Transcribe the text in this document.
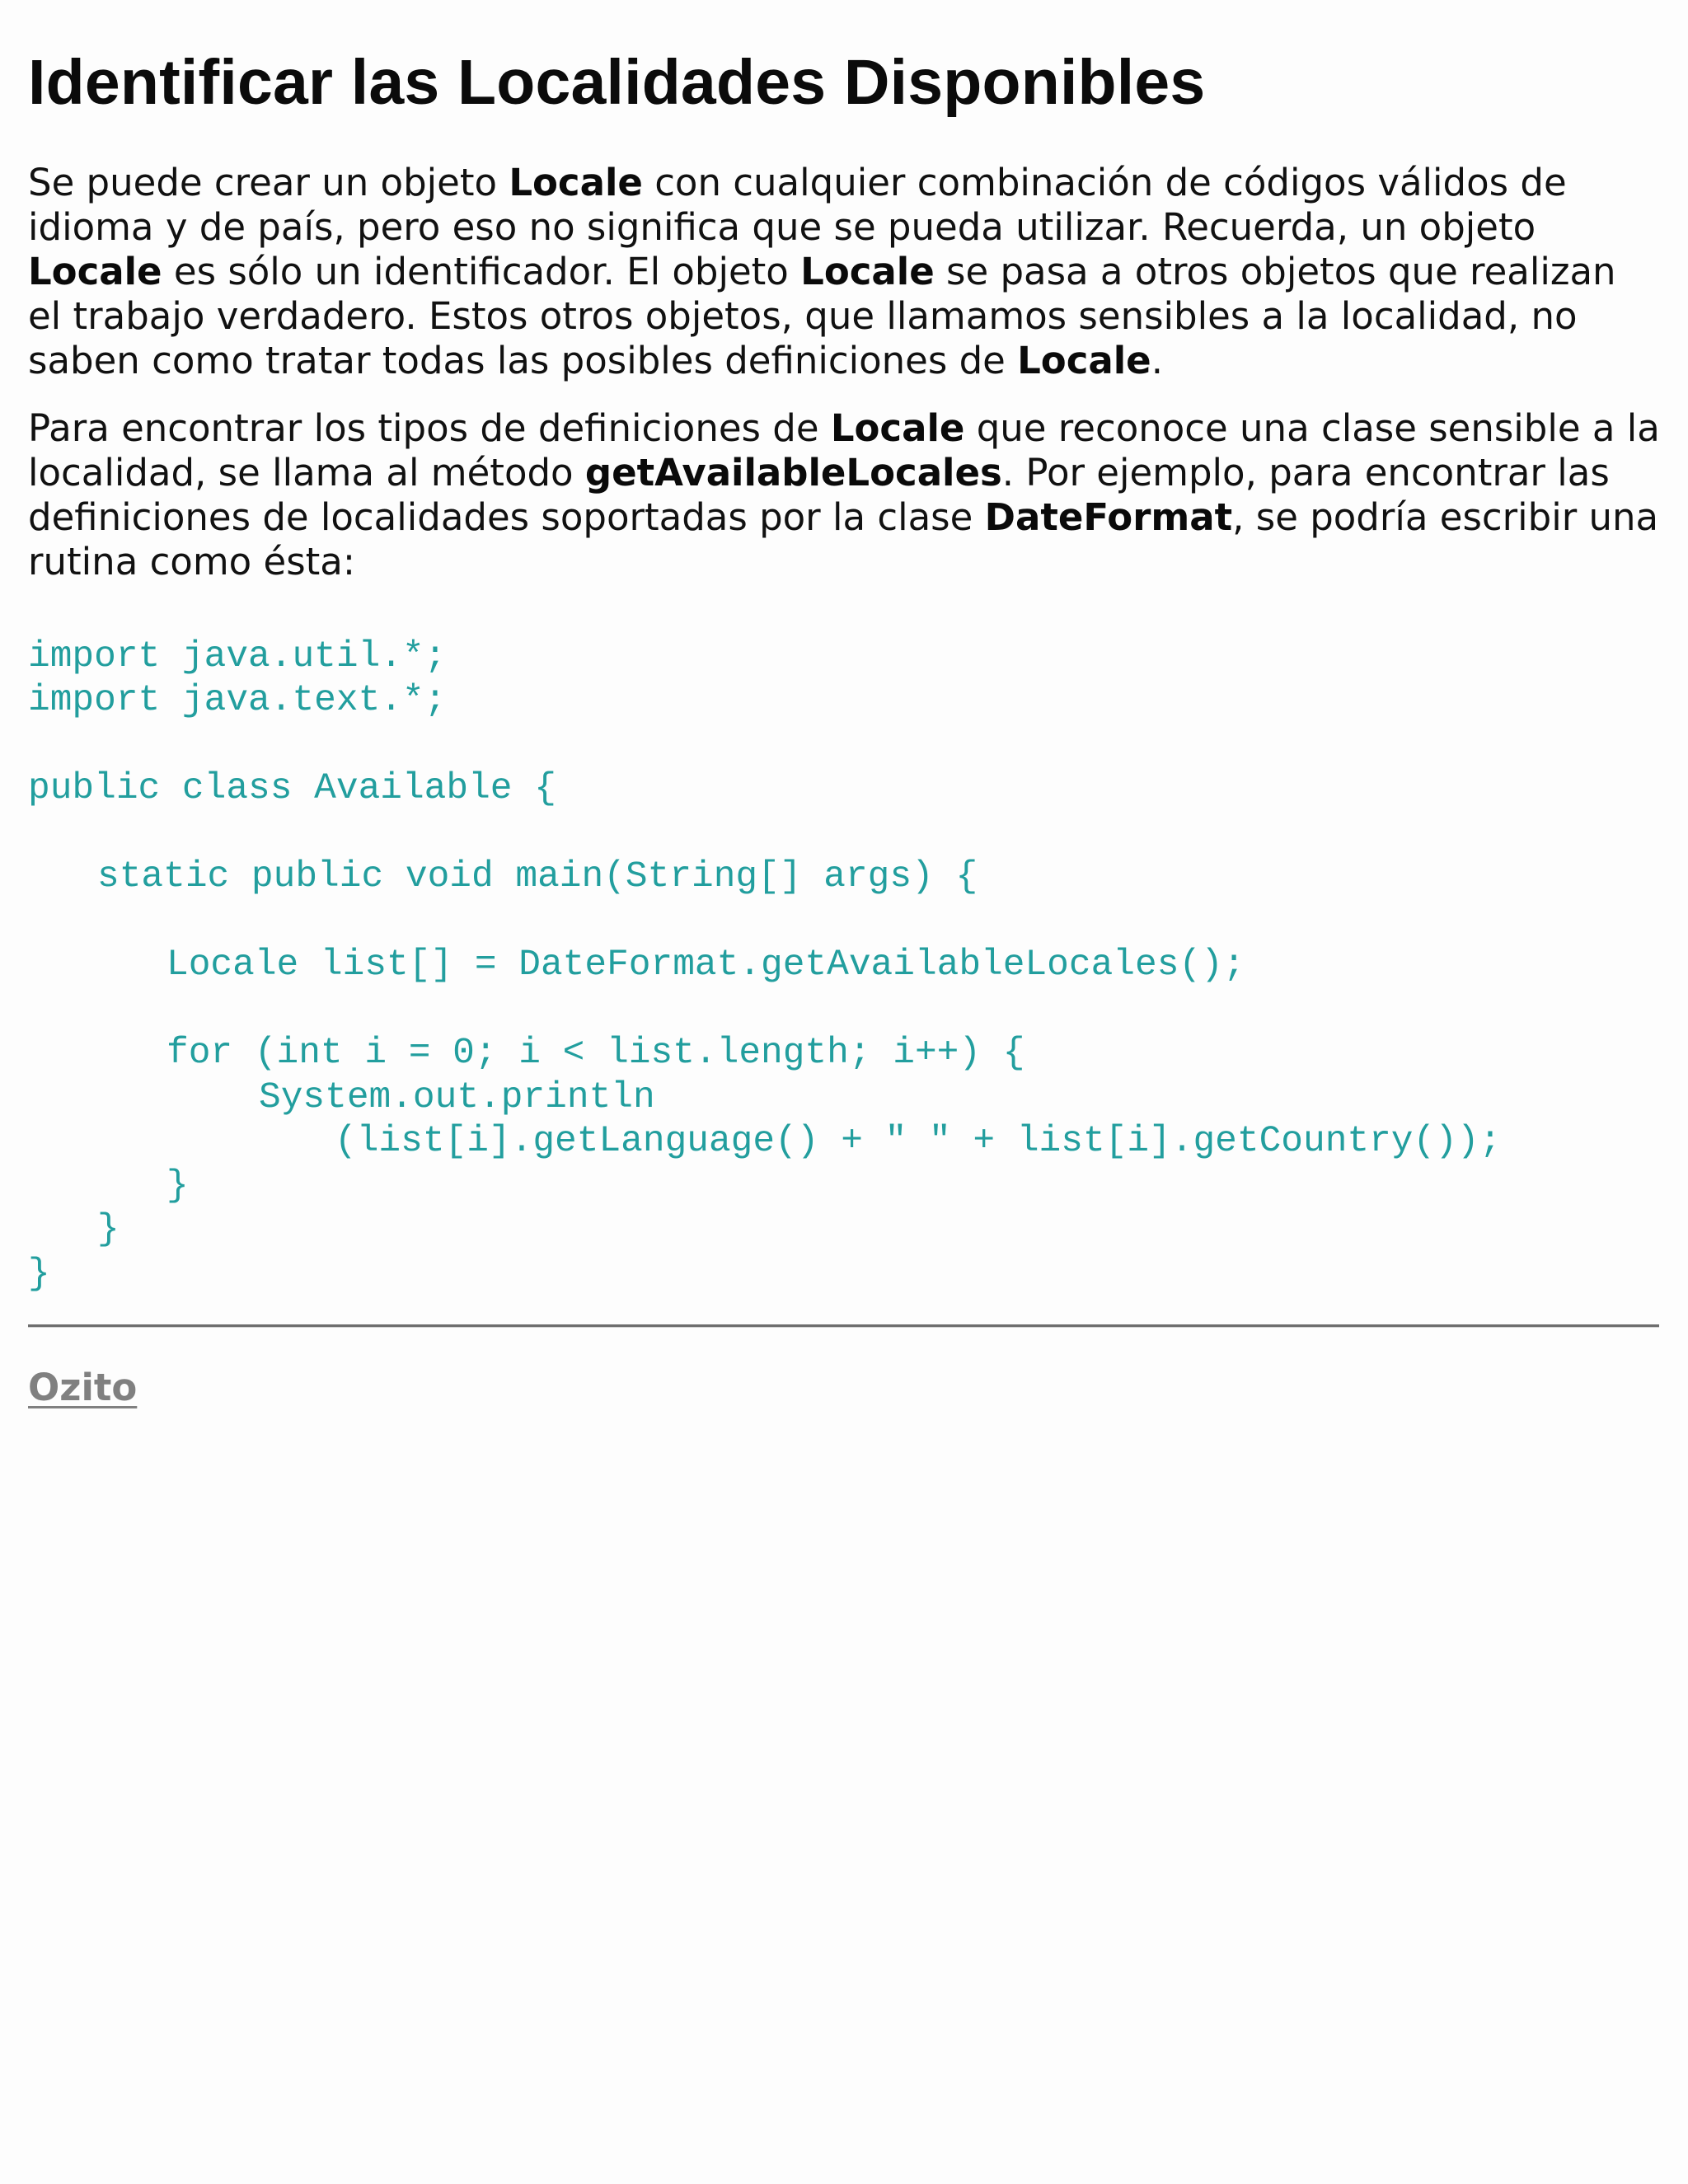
Identificar las Localidades Disponibles

Se puede crear un objeto Locale con cualquier combinación de códigos válidos de idioma y de país, pero eso no significa que se pueda utilizar. Recuerda, un objeto Locale es sólo un identificador. El objeto Locale se pasa a otros objetos que realizan el trabajo verdadero. Estos otros objetos, que llamamos sensibles a la localidad, no saben como tratar todas las posibles definiciones de Locale.

Para encontrar los tipos de definiciones de Locale que reconoce una clase sensible a la localidad, se llama al método getAvailableLocales. Por ejemplo, para encontrar las definiciones de localidades soportadas por la clase DateFormat, se podría escribir una rutina como ésta:

import java.util.*;
import java.text.*;
public class Available {
static public void main(String[] args) {
Locale list[] = DateFormat.getAvailableLocales();
for (int i = 0; i < list.length; i++) {
System.out.println
(list[i].getLanguage() + " " + list[i].getCountry());
}
}
}
Ozito
